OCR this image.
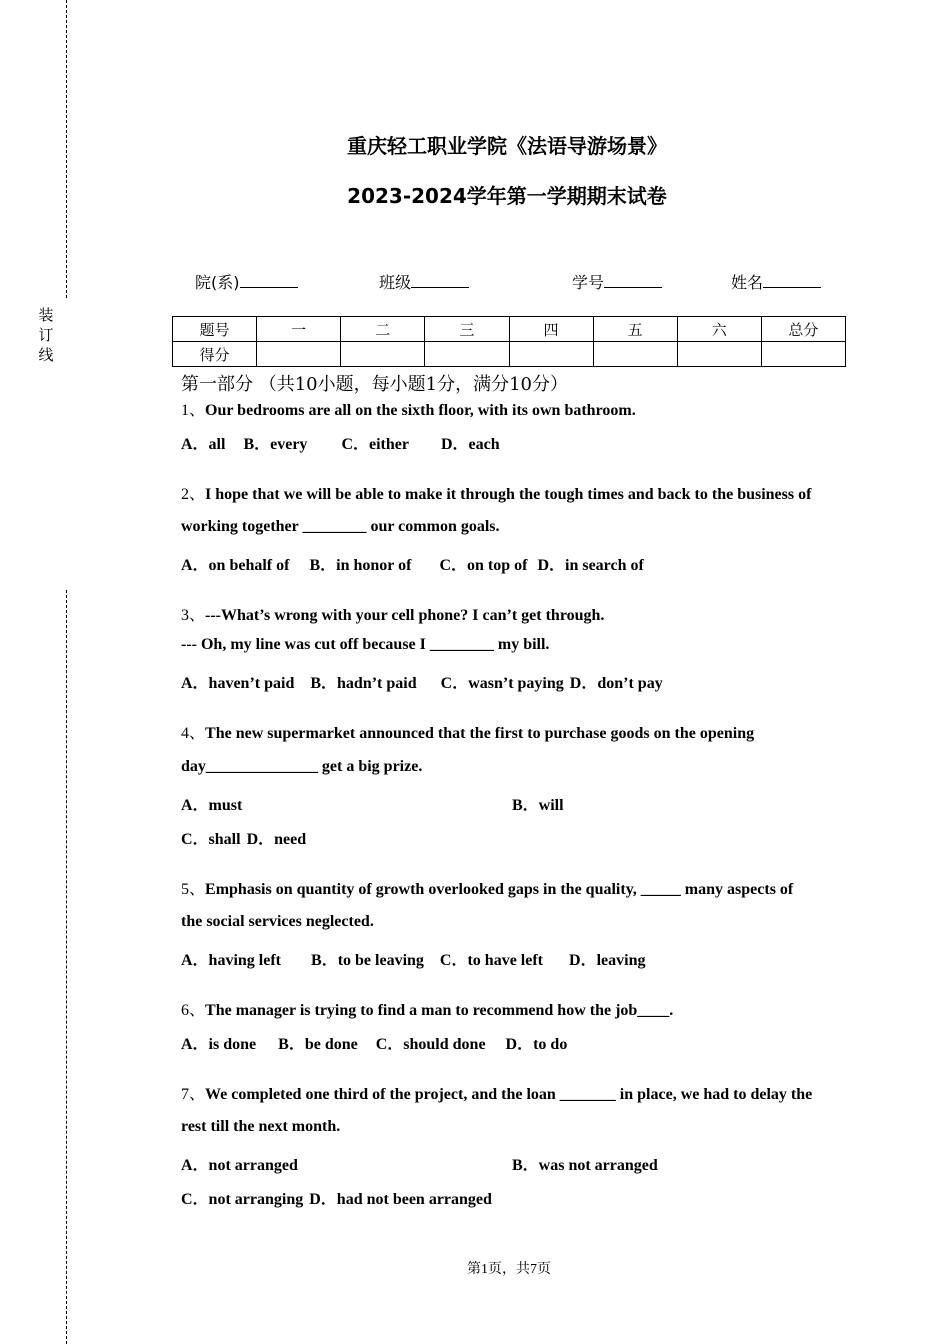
装
订
线
重庆轻工职业学院《法语导游场景》
2023-2024学年第一学期期末试卷
院(系)	班级	学号	姓名
题号	一	二	三	四	五	六	总分
得分							
第一部分 （共10小题，每小题1分，满分10分）
1、Our bedrooms are all on the sixth floor, with its own bathroom.
A．all B．every C．either D．each
2、I hope that we will be able to make it through the tough times and back to the business of
working together ________ our common goals.
A．on behalf of B．in honor of C．on top of D．in search of
3、---What’s wrong with your cell phone? I can’t get through.
--- Oh, my line was cut off because I ________ my bill.
A．haven’t paid B．hadn’t paid C．wasn’t paying D．don’t pay
4、The new supermarket announced that the first to purchase goods on the opening
day______________ get a big prize.
A．must	B．will
C．shall D．need
5、Emphasis on quantity of growth overlooked gaps in the quality, _____ many aspects of
the social services neglected.
A．having left B．to be leaving C．to have left D．leaving
6、The manager is trying to find a man to recommend how the job____.
A．is done B．be done C．should done D．to do
7、We completed one third of the project, and the loan _______ in place, we had to delay the
rest till the next month.
A．not arranged	B．was not arranged
C．not arranging D．had not been arranged
第1页，共7页
